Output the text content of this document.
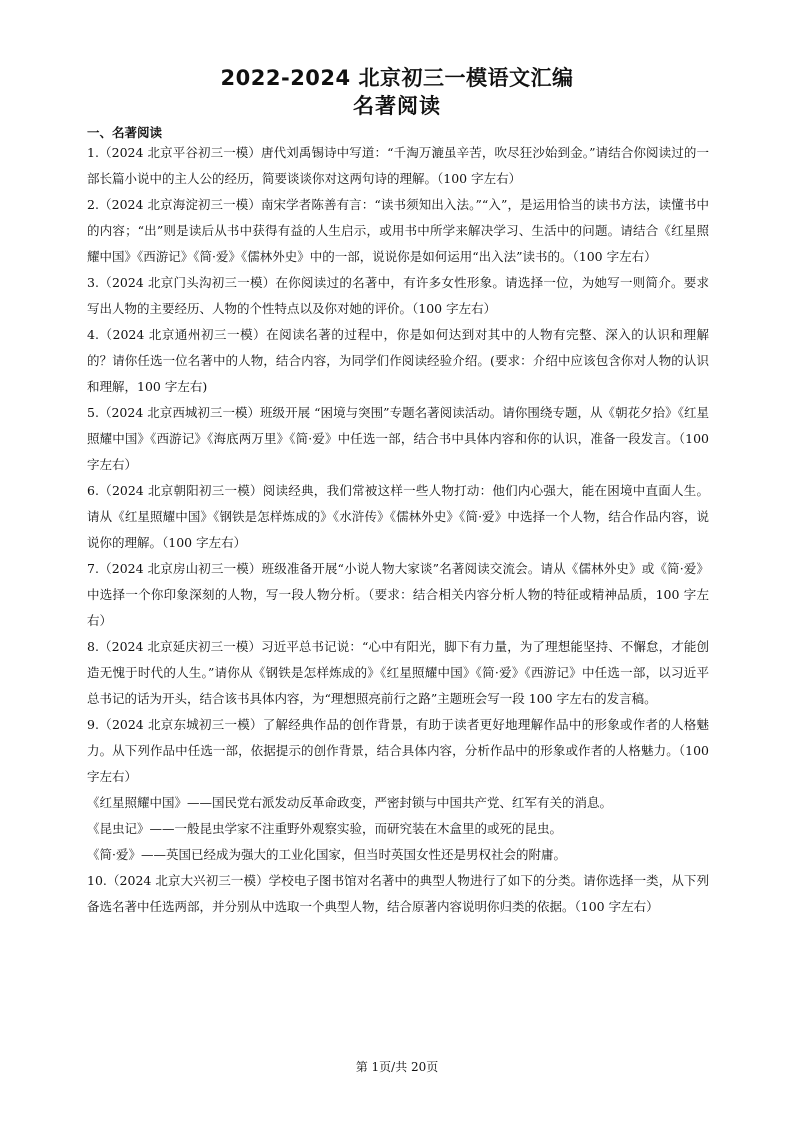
2022-2024 北京初三一模语文汇编
名著阅读
一、名著阅读

1.（2024 北京平谷初三一模）唐代刘禹锡诗中写道：“千淘万漉虽辛苦，吹尽狂沙始到金。”请结合你阅读过的一部长篇小说中的主人公的经历，简要谈谈你对这两句诗的理解。（100 字左右）

2.（2024 北京海淀初三一模）南宋学者陈善有言：“读书须知出入法。”“入”，是运用恰当的读书方法，读懂书中的内容；“出”则是读后从书中获得有益的人生启示，或用书中所学来解决学习、生活中的问题。请结合《红星照耀中国》《西游记》《简·爱》《儒林外史》中的一部，说说你是如何运用“出入法”读书的。（100 字左右）

3.（2024 北京门头沟初三一模）在你阅读过的名著中，有许多女性形象。请选择一位，为她写一则简介。要求写出人物的主要经历、人物的个性特点以及你对她的评价。（100 字左右）

4.（2024 北京通州初三一模）在阅读名著的过程中，你是如何达到对其中的人物有完整、深入的认识和理解的？请你任选一位名著中的人物，结合内容，为同学们作阅读经验介绍。(要求：介绍中应该包含你对人物的认识和理解，100 字左右)

5.（2024 北京西城初三一模）班级开展 “困境与突围”专题名著阅读活动。请你围绕专题，从《朝花夕拾》《红星照耀中国》《西游记》《海底两万里》《简·爱》中任选一部，结合书中具体内容和你的认识，准备一段发言。（100 字左右）

6.（2024 北京朝阳初三一模）阅读经典，我们常被这样一些人物打动：他们内心强大，能在困境中直面人生。请从《红星照耀中国》《钢铁是怎样炼成的》《水浒传》《儒林外史》《简·爱》中选择一个人物，结合作品内容，说说你的理解。（100 字左右）

7.（2024 北京房山初三一模）班级准备开展“小说人物大家谈”名著阅读交流会。请从《儒林外史》或《简·爱》中选择一个你印象深刻的人物，写一段人物分析。（要求：结合相关内容分析人物的特征或精神品质，100 字左右）

8.（2024 北京延庆初三一模）习近平总书记说：“心中有阳光，脚下有力量，为了理想能坚持、不懈怠，才能创造无愧于时代的人生。”请你从《钢铁是怎样炼成的》《红星照耀中国》《简·爱》《西游记》中任选一部，以习近平总书记的话为开头，结合该书具体内容，为“理想照亮前行之路”主题班会写一段 100 字左右的发言稿。

9.（2024 北京东城初三一模）了解经典作品的创作背景，有助于读者更好地理解作品中的形象或作者的人格魅力。从下列作品中任选一部，依据提示的创作背景，结合具体内容，分析作品中的形象或作者的人格魅力。（100 字左右）

《红星照耀中国》——国民党右派发动反革命政变，严密封锁与中国共产党、红军有关的消息。

《昆虫记》——一般昆虫学家不注重野外观察实验，而研究装在木盒里的或死的昆虫。

《简·爱》——英国已经成为强大的工业化国家，但当时英国女性还是男权社会的附庸。

10.（2024 北京大兴初三一模）学校电子图书馆对名著中的典型人物进行了如下的分类。请你选择一类，从下列备选名著中任选两部，并分别从中选取一个典型人物，结合原著内容说明你归类的依据。（100 字左右）

第 1页/共 20页
